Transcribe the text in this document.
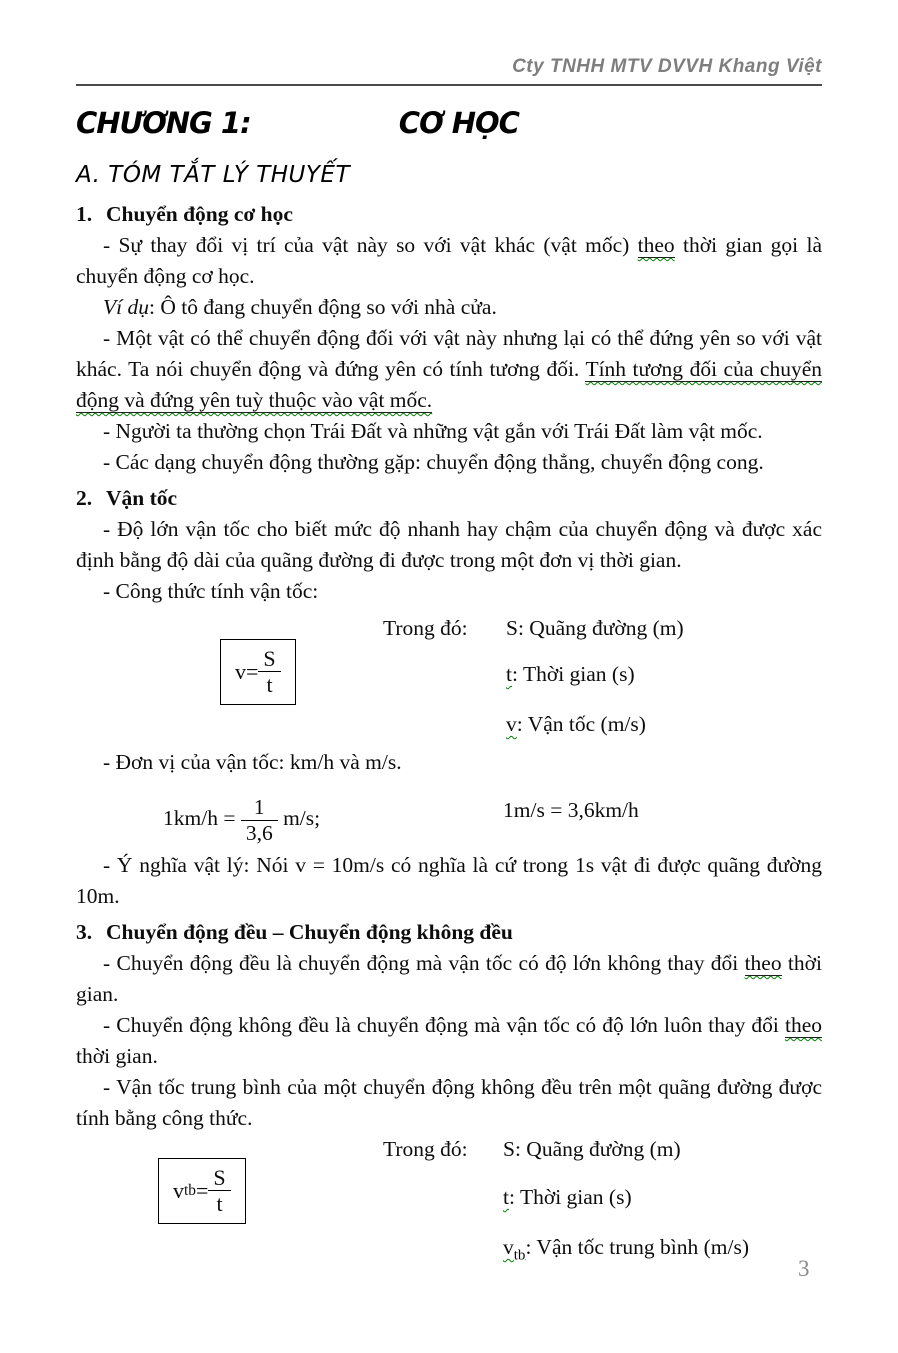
Cty TNHH MTV DVVH Khang Việt
CHƯƠNG 1:	CƠ HỌC
A. TÓM TẮT LÝ THUYẾT

1. Chuyển động cơ học

- Sự thay đổi vị trí của vật này so với vật khác (vật mốc) theo thời gian gọi là chuyển động cơ học.

Ví dụ: Ô tô đang chuyển động so với nhà cửa.

- Một vật có thể chuyển động đối với vật này nhưng lại có thể đứng yên so với vật khác. Ta nói chuyển động và đứng yên có tính tương đối. Tính tương đối của chuyển động và đứng yên tuỳ thuộc vào vật mốc.

- Người ta thường chọn Trái Đất và những vật gắn với Trái Đất làm vật mốc.

- Các dạng chuyển động thường gặp: chuyển động thẳng, chuyển động cong.

2. Vận tốc

- Độ lớn vận tốc cho biết mức độ nhanh hay chậm của chuyển động và được xác định bằng độ dài của quãng đường đi được trong một đơn vị thời gian.

- Công thức tính vận tốc:

$v = \frac{S}{t}$
Trong đó: S: Quãng đường (m)
t: Thời gian (s)
v: Vận tốc (m/s)

- Đơn vị của vận tốc: km/h và m/s.

$1km/h = \frac{1}{3,6} m/s$;	1m/s = 3,6km/h

- Ý nghĩa vật lý: Nói v = 10m/s có nghĩa là cứ trong 1s vật đi được quãng đường 10m.

3. Chuyển động đều – Chuyển động không đều

- Chuyển động đều là chuyển động mà vận tốc có độ lớn không thay đổi theo thời gian.

- Chuyển động không đều là chuyển động mà vận tốc có độ lớn luôn thay đổi theo thời gian.

- Vận tốc trung bình của một chuyển động không đều trên một quãng đường được tính bằng công thức.

v tb = $\frac{S}{t}$
Trong đó: S: Quãng đường (m)
t: Thời gian (s)
$v_{tb}$: Vận tốc trung bình (m/s)
3
